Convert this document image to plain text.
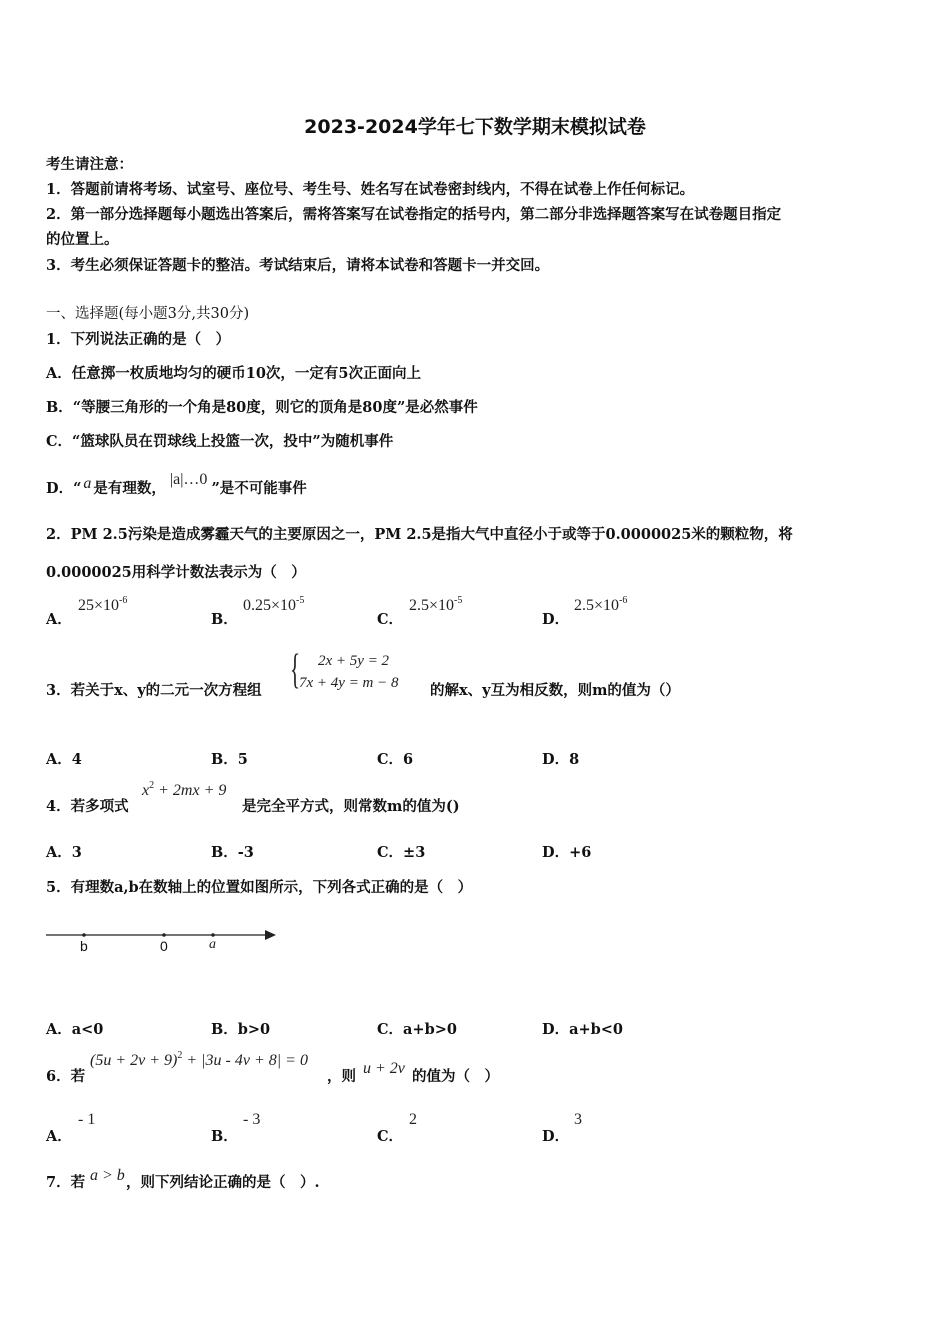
2023-2024学年七下数学期末模拟试卷
考生请注意：
1．答题前请将考场、试室号、座位号、考生号、姓名写在试卷密封线内，不得在试卷上作任何标记。
2．第一部分选择题每小题选出答案后，需将答案写在试卷指定的括号内，第二部分非选择题答案写在试卷题目指定
的位置上。
3．考生必须保证答题卡的整洁。考试结束后，请将本试卷和答题卡一并交回。
一、选择题(每小题3分,共30分)
1．下列说法正确的是（　）
A．任意掷一枚质地均匀的硬币10次，一定有5次正面向上
B．“等腰三角形的一个角是80度，则它的顶角是80度”是必然事件
C．“篮球队员在罚球线上投篮一次，投中”为随机事件
D．“ a 是有理数，|a|…0”是不可能事件
2．PM 2.5污染是造成雾霾天气的主要原因之一，PM 2.5是指大气中直径小于或等于0.0000025米的颗粒物，将
0.0000025用科学计数法表示为（　）
A．
$25\times 10^{-6}$
B．
$0.25\times 10^{-5}$
C．
$2.5\times 10^{-5}$
D．
$2.5\times 10^{-6}$
3．若关于x、y的二元一次方程组 { 2x + 5y = 2
7x + 4y = m − 8 的解x、y互为相反数，则m的值为（）
A．4	B．5	C．6	D．8
4．若多项式
$x^2 + 2mx + 9$
是完全平方式，则常数m的值为()
A．3	B．-3	C．±3	D．+6
5．有理数a,b在数轴上的位置如图所示，下列各式正确的是（　）
b	0	a
A．a<0	B．b>0	C．a+b>0	D．a+b<0
6．若
$(5u + 2v + 9)^2 + |3u - 4v + 8| = 0$
，则 u + 2v 的值为（　）
A．
- 1
B．
- 3
C．
2
D．
3
7．若 a > b ，则下列结论正确的是（　）.
